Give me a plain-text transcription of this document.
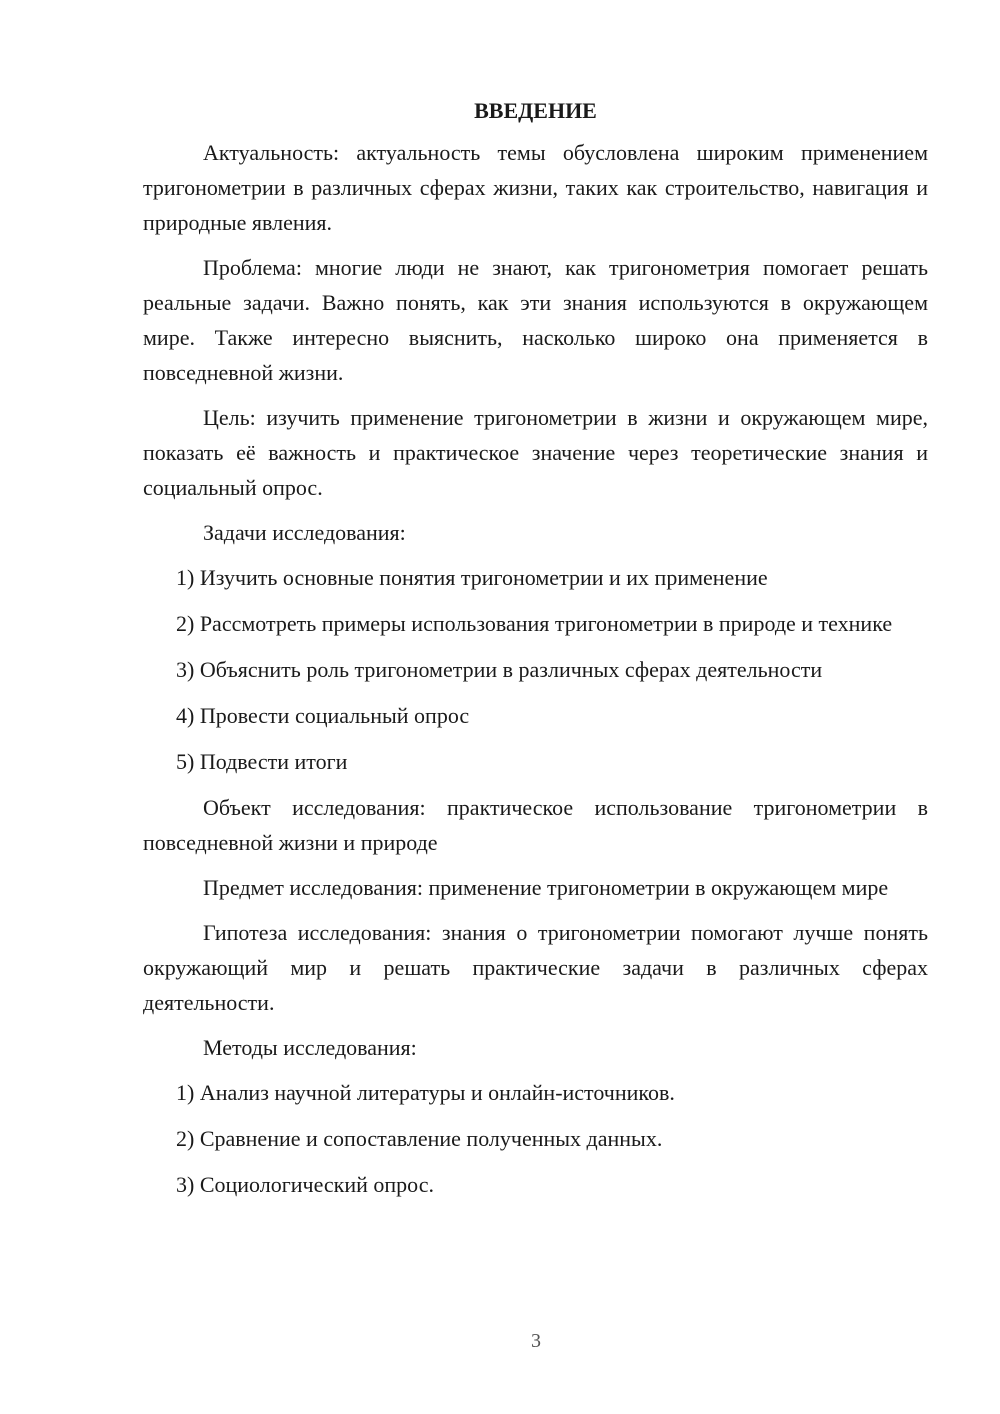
ВВЕДЕНИЕ

Актуальность: актуальность темы обусловлена широким применением тригонометрии в различных сферах жизни, таких как строительство, навигация и природные явления.

Проблема: многие люди не знают, как тригонометрия помогает решать реальные задачи. Важно понять, как эти знания используются в окружающем мире. Также интересно выяснить, насколько широко она применяется в повседневной жизни.

Цель: изучить применение тригонометрии в жизни и окружающем мире, показать её важность и практическое значение через теоретические знания и социальный опрос.

Задачи исследования:

1) Изучить основные понятия тригонометрии и их применение

2) Рассмотреть примеры использования тригонометрии в природе и технике

3) Объяснить роль тригонометрии в различных сферах деятельности

4) Провести социальный опрос

5) Подвести итоги

Объект исследования: практическое использование тригонометрии в повседневной жизни и природе

Предмет исследования: применение тригонометрии в окружающем мире

Гипотеза исследования: знания о тригонометрии помогают лучше понять окружающий мир и решать практические задачи в различных сферах деятельности.

Методы исследования:

1) Анализ научной литературы и онлайн-источников.

2) Сравнение и сопоставление полученных данных.

3) Социологический опрос.

3
